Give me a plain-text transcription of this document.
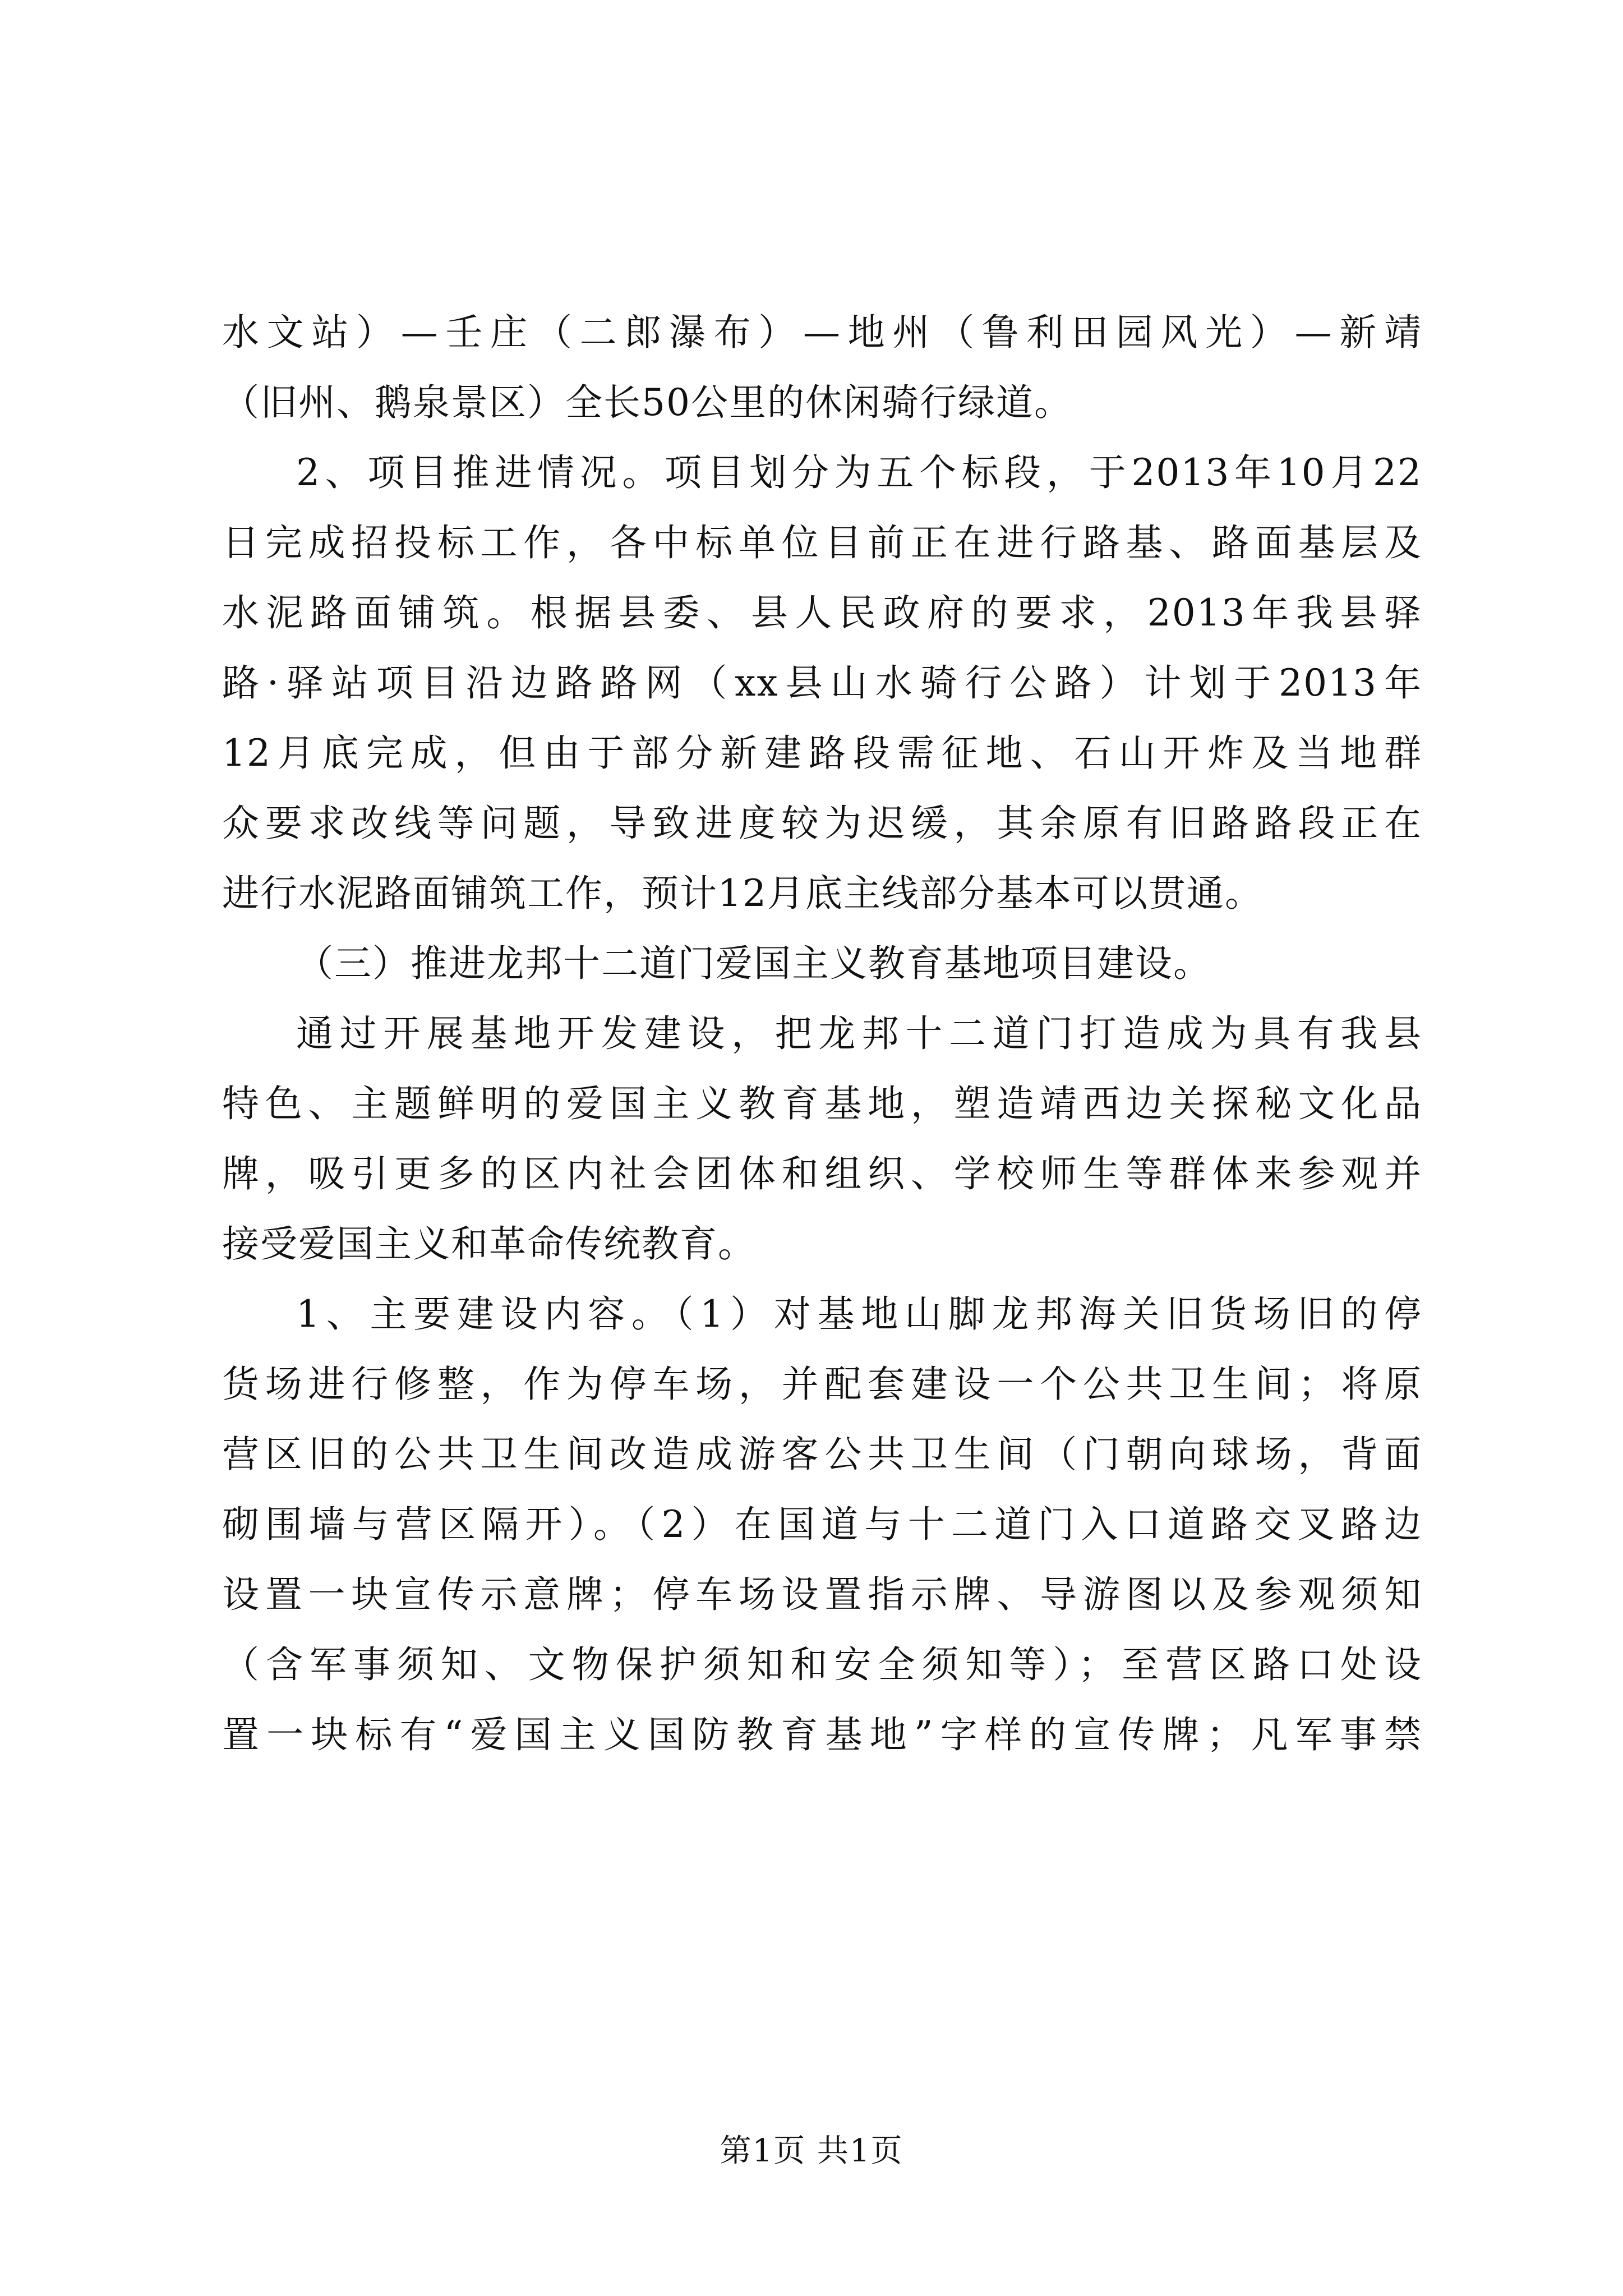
水文站）—壬庄（二郎瀑布）—地州（鲁利田园风光）—新靖
（旧州、鹅泉景区）全长50公里的休闲骑行绿道。
2、项目推进情况。项目划分为五个标段，于2013年10月22
日完成招投标工作，各中标单位目前正在进行路基、路面基层及
水泥路面铺筑。根据县委、县人民政府的要求，2013年我县驿
路·驿站项目沿边路路网（xx县山水骑行公路）计划于2013年
12月底完成，但由于部分新建路段需征地、石山开炸及当地群
众要求改线等问题，导致进度较为迟缓，其余原有旧路路段正在
进行水泥路面铺筑工作，预计12月底主线部分基本可以贯通。
（三）推进龙邦十二道门爱国主义教育基地项目建设。
通过开展基地开发建设，把龙邦十二道门打造成为具有我县
特色、主题鲜明的爱国主义教育基地，塑造靖西边关探秘文化品
牌，吸引更多的区内社会团体和组织、学校师生等群体来参观并
接受爱国主义和革命传统教育。
1、主要建设内容。（1）对基地山脚龙邦海关旧货场旧的停
货场进行修整，作为停车场，并配套建设一个公共卫生间；将原
营区旧的公共卫生间改造成游客公共卫生间（门朝向球场，背面
砌围墙与营区隔开）。（2）在国道与十二道门入口道路交叉路边
设置一块宣传示意牌；停车场设置指示牌、导游图以及参观须知
（含军事须知、文物保护须知和安全须知等）；至营区路口处设
置一块标有“爱国主义国防教育基地”字样的宣传牌；凡军事禁
第1页 共1页
